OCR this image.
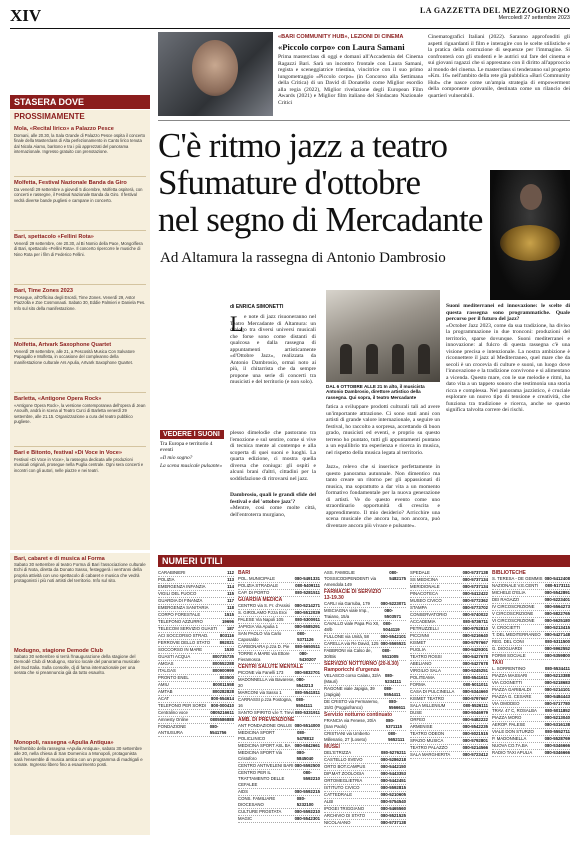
XIV	LA GAZZETTA DEL MEZZOGIORNO
Mercoledì 27 settembre 2023
«BARI COMMUNITY HUB», LEZIONI DI CINEMA
«Piccolo corpo» con Laura Samani
Prima masterclass di oggi e domani all'Accademia del Cinema Ragazzi Bari. Sarà un incontro frontale con Laura Samani, regista e sceneggiatrice triestina, vincitrice con il suo primo lungometraggio «Piccolo corpo» (in Concorso alla Settimana della Critica) di un David di Donatello come Miglior esordio alla regia (2022), Miglior rivelazione degli European Film Awards (2021) e Miglior film italiano del Sindacato Nazionale Critici
Cinematografici Italiani (2022). Saranno approfonditi gli aspetti riguardanti il film e interagire con le scelte stilistiche e la pratica della costruzione di sequenze per l'immagine. Si confronterà con gli studenti e le autrici sul fare del cinema e sui giovani ragazzi che si apprestano con il diritto all'approccio al mondo del cinema. Le masterclass si tenderanno sul progetto «Km. 16» nell'ambito della rete già pubblica «Bari Community Hub» che nasce come un'ampia strategia di empowerment della componente giovanile, destinata come un rilancio dei quartieri vulnerabili.
STASERA DOVE
PROSSIMAMENTE
Mola, «Recital lirico» a Palazzo Pesce
Domani, alle 20.30, la Sala Grande di Palazzo Pesce ospita il concerto finale della Masterclass di Alta perfezionamento in Canto lirico tenuta dal Nicola Aiamo, baritono e tra i più apprezzati del panorama internazionale. Ingresso gratuito con prenotazione.
Molfetta, Festival Nazionale Banda da Giro
Da venerdì 29 settembre a giovedì 5 dicembre, Molfetta ospiterà, con concerti e rassegne, il Festival Nazionale Banda da Giro. Il festival vedrà diverse bande pugliesi e campane in concerto.
Bari, spettacolo «Fellini Rota»
Venerdì 29 settembre, ore 20.30, al Bi Nomio della Pace, Mongolfiera di Bari, spettacolo «Fellini Rota». Il concerto ripercorre le musiche di Nino Rota per i film di Federico Fellini.
Bari, Time Zones 2023
Prosegue, all'Officina degli Esordi, Time Zones. Venerdì 29, Astor Piazzolla e Zoe Cosmonauti. Sabato 30, Eddie Palmieri e Daniela Pes. Info sul sito della manifestazione.
Molfetta, Artvark Saxophone Quartet
Venerdì 29 settembre, alle 21, a Pescosità Musica Con Salvatore Papagallo e Molfetta, in occasione del compleanno della manifestazione culturale Ars Apulia, Artvark Saxophone Quartet.
Barletta, «Antigone Opera Rock»
«Antigone Opera Rock», la versione contemporanea dell'opera di Jean Anouilh, andrà in scena al Teatro Curci di Barletta venerdì 29 settembre, alle 21.15. Organizzazione a cura del teatro pubblico pugliese.
Bari e Bitonto, festival «Di Voce in Voce»
Festival «Di Voce in Voce», la rassegna dedicata alle produzioni musicali originali, prosegue nella Puglia centrale. Ogni sera concerti e incontri con gli autori, nelle piazze e nei teatri.
Bari, cabaret e di musica al Forma
Sabato 30 settembre al teatro Forma di Bari l'associazione culturale Echi di Nota, diretta da Donato Sasso, festeggerà i vent'anni della propria attività con uno spettacolo di cabaret e musica che vedrà protagonisti i più noti artisti del territorio. Info sul sito.
Modugno, stagione Demode Club
Sabato 30 settembre si terrà l'inaugurazione della stagione del Demodé Club di Modugno, storico locale del panorama musicale del Sud Italia. Sulla consolle, dj di fama internazionale per una serata che si preannuncia già da tutto esaurito.
Monopoli, rassegna «Apulia Antiqua»
Nell'ambito della rassegna «Apulia Antiqua», sabato 30 settembre alle 20, nella chiesa di San Domenico a Monopoli, protagonista sarà l'ensemble di musica antica con un programma di madrigali e sonate. Ingresso libero fino a esaurimento posti.
C'è ritmo jazz a teatro
Sfumature d'ottobre
nel segno di Mercadante
Ad Altamura la rassegna di Antonio Dambrosio
di ENRICA SIMONETTI
L e note di jazz risuoneranno nel Teatro Mercadante di Altamura: un dialogo tra diversi universi musicali che forse sono come distanti di qualcosa e dalla rassegna di appuntamenti artisticamente «d'Ottobre Jazz», realizzata da Antonio Dambrosio, ormai noto ai più, il chitarrista che da sempre propone una serie di concerti tra musicisti e del territorio (e non solo).
VEDERE I SUONI
Tra Europa e territorio 4 eventi
«Il mio sogno?
La scena musicale pulsante»
plesso dimelodie che pastorano tra l'emozione e sul sentire, come si vive di tecnica mente al contempo e alla scoperta di quei suoni e luoghi. La quarta edizione, ci mostra quella diversa che coniuga: gli ospiti e alcuni brani d'altri, cittadini per la soddisfazione di ritrovarsi nel jazz.
Dambrosio, quali le grandi sfide del festival e del 'ottobre jazz'?
«Mentre, cosi come molte città, dell'entroterra murgiano,
DAL 6 OTTOBRE ALLE 21 In alto, il musicista Antonio Dambrosio, direttore artistico della rassegna. Qui sopra, il teatro Mercadante
fatica a sviluppare prodotti culturali tali ad avere un'importante attrazione. Ci sono stati anni con artisti di grande valore internazionale, a seguire un festival, ho raccolto a sorpresa, accettando di buon grado, musicisti ed eventi, e proprio su questo terreno ho puntato, tutti gli appuntamenti puntano a un equilibrio tra esperienza e ricerca in musica, nel rispetto della musica legata al territorio.
Jazz», relevo che si inserisce perfettamente in questo panorama autunnale. Non dimentico ma tanto creare un ritorno per gli appassionati di musica, ma soprattutto a dar vita a un momento formativo fondamentale per la nuova generazione di artisti. Ve do questo evento come uno straordinario opportunità di crescita e apprendimento. Il mio desiderio? Arricchire una scena musicale che ancora ha, non ancora, può diventare ancora più vivace e pulsante».
Suoni mediterranei ed innovazione: le scelte di questa rassegna sono programmatiche. Quale percorso per il futuro del jazz?
«October Jazz 2023, come da sua tradizione, ha diviso la programmazione in due tronconi: produzioni del territorio, sparse dovunque. Suoni mediterranei e innovazione: al fulcro di questa rassegna c'è una visione precisa e intenzionale. La nostra ambizione è riconnettere il jazz al Mediterraneo, quel mare che da secoli è un crocevia di culture e suoni, un luogo dove l'innovazione e la tradizione convivono e si alimentano a vicenda. Questo mare, con le sue melodie e ritmi, ha dato vita a un tappeto sonoro che testimonia una storia ricca e complessa. Nel panorama jazzistico, è cruciale esplorare un nuovo tipo di tensione e creatività, che funziona tra tradizione e ricerca, anche se questo significa talvolta correre dei rischi.
NUMERI UTILI
CARABINIERI	112
POLIZIA	113
EMERGENZA INFANZIA	114
VIGILI DEL FUOCO	115
GUARDIA DI FINANZA	117
EMERGENZA SANITARIA	118
CORPO FORESTALE	1515
TELEFONO AZZURRO	19696
TELECOM SERVIZIO GUASTI 187
ACI SOCCORSO STRAD.	803116
FERROVIE DELLO STATO 892021
SOCCORSO IN MARE	1530
GUASTI ACQUA	800735735
AMGAS	800552288
ITALGAS	800900999
PRONTO ENEL	803500
AMIU	800011558
AMTAB	800282828
ACAT	800-554614
TELEFONO PER SORDI 800-000410
Centralino voce	0805216611
Amnesty Online	0805586888
FONDAZIONE ANTIUSURA
080-5541756
BARI
POL. MUNICIPALE	080-5491331
POLIZIA STRADALE	080-5409111
CAP. DI PORTO	080-5281511
GUARDIA MEDICA
CENTRO via S. Fr. d'Assisi 080-5214271
S. GIROLAMO P.zza Eroi 080-5512029
PALESE Via Napoli 105	080-5300911
JAPIGIA Via Apulia 1	080-5585291
SAN PAOLO Via Carlo Caposaldo
080-5371126
CARBONARA p.zza D. Pie 080-5650511
TORRE A MARE via Ettore Fieramosca
080-5430207
CENTRI SALUTE MENTALE
PICONE via Fanelli 173	080-5832701
MADONNELLA via Bavarese, 20
080-5543213
MARCONI via Sasso 1	080-5541811
CARRASSI p.zza Postogna, 16
080-5504111
SANTO SPIRITO v.le T. Trevi 080-5331911
AMB. DI PREVENZIONE
ANT FONDAZIONE ONLUS 080-5514000
MEDICINA SPORT POLICLINICO
080-5478812
MEDICINA SPORT ASL BA 080-5842661
MEDICINA SPORT Via Cristoforo
080-5845040
CENTRO ANTIVELENI BARI 080-5592500
CENTRO PER IL TRATTAMENTO DELLE CEFALEE
080-5592210
AIDS	080-5592215
CONS. FAMILIARE DIOCESANO
080-5232100
CULTURE PROSTATA	080-5592210
MAGIC	080-5542301
ASS. FAMIGLIE TOSSICODIPENDENTI via Amendola 149
080-5482175
FARMACIE DI SERVIZIO
13-19.30
CARLI via Garruba, 179	080-5223071
MISCIAGNA viale Imp., Traiano, 15/a
080-5503571
CAVALLO viale Papa Pio XII, 48/b
080-5044119
FULLONE via Unità, 58	080-5542101
CARELLA via Re David, 125 080-5565521
FABBRONI via Calso de, 30/Bis
080-5511005
SERVIZIO NOTTURNO (20-8.30)
Ramporicchi d'urgenza
VELASCO corso Calatu, 32/A (Mauri)
080-5234111
RAGONE viale Japigia, 39 (Japigia)
080-5554411
DE CRISTO via Fermaremo, 15/G (Poggiofranco)
080-5566611
Servizio notturno continuato
FRANCIA via Fenese, 20/A (San Paolo)
080-5371115
CRISTIANI via Umberto Millenario, 27 (Loseto)
080-5652111
MUSEI
DEL'ETRIZZA	080-5276211
CASTELLO SVEVO	080-5286218
ORTO BOT.CAMPUS	080-5442150
DIP.MAT ZOOLOGIA	080-5443353
ORTOMEGLIETRIA	080-5442451
ISTITUTO CIVICO	080-5592815
CATTEDRALE	080-5210605
ALBI	080-5754540
IPOGEI TRIGGIANO	080-5465560
ARCHIVIO DI STATO	080-5521525
NICOLAIANO	080-5737138
SPEDALE	080-5737138
SS MEDICINA	080-5737134
MERIDIONALE	080-5737134
PINACOTECA	080-5412422
MUSEO CIVICO	080-5772362
STAMPA	080-5773702
CONSERVATORIO	080-5740022
ACCADEMIA	080-5736711
PETRUZZELLI	080-9752810
PICCINNI	080-5216640
KISMET	080-5797667
PUGLIA	080-5429301
TEATRO ROSSI	080-5427678
ABELIANO	080-5427678
VIRGILIO SALA	080-5245251
POLITEAMA	080-5541611
FORMA	080-5011011
CASA DI PULCINELLA 080-5344660
KISMET TEATRO	080-5797667
SALA MILLENIUM	080-5526111
DUSE	080-5046979
ORFEO	080-5482222
ARMENISE	080-5542235
TEATRO ODEON	080-5021515
SPAZIO MUSICA	080-5792801
TEATRO PALAZZO	080-5214566
SALA MARGHERITA	080-5723412
BIBLIOTECHE
S. TERESA - DE GEMMIS 080-5412408
NAZIONALE V.E.CENTI 080-5173111
MICHELE D'ELIA	080-5542891
DEI RAGAZZI	080-5223401
IV CIRCOSCRIZIONE 080-5564273
V CIRCOSCRIZIONE	080-5822765
VI CIRCOSCRIZIONE 080-5625180
V. CROCIETTI	080-5213415
T. DEL MEDITERRANEO 080-5427148
REG. DEL CONI	080-5311500
G. DIOGUARDI	080-5962552
FORMI SOCIALE	080-5359800
TAXI
L. SORRENTINO	080-5534411
PIAZZA MASSARI	080-5213388
VIA COGNETTI	080-5218683
PIAZZA GARIBALDI	080-5214101
PIAZZA G. CESARE	080-5484443
VIA OMODEO	080-5717780
TRAV. 47 C, ROSALBA 080-5011852
PIAZZA MORO	080-5213040
AEROP. PALESE	080-5316138
VIALE DON STURZO	080-5552711
P. MADONNELLA	080-5528769
NUOVA CO.TA.BA	080-5346666
RADIO TAXI APULIA	080-5346666
